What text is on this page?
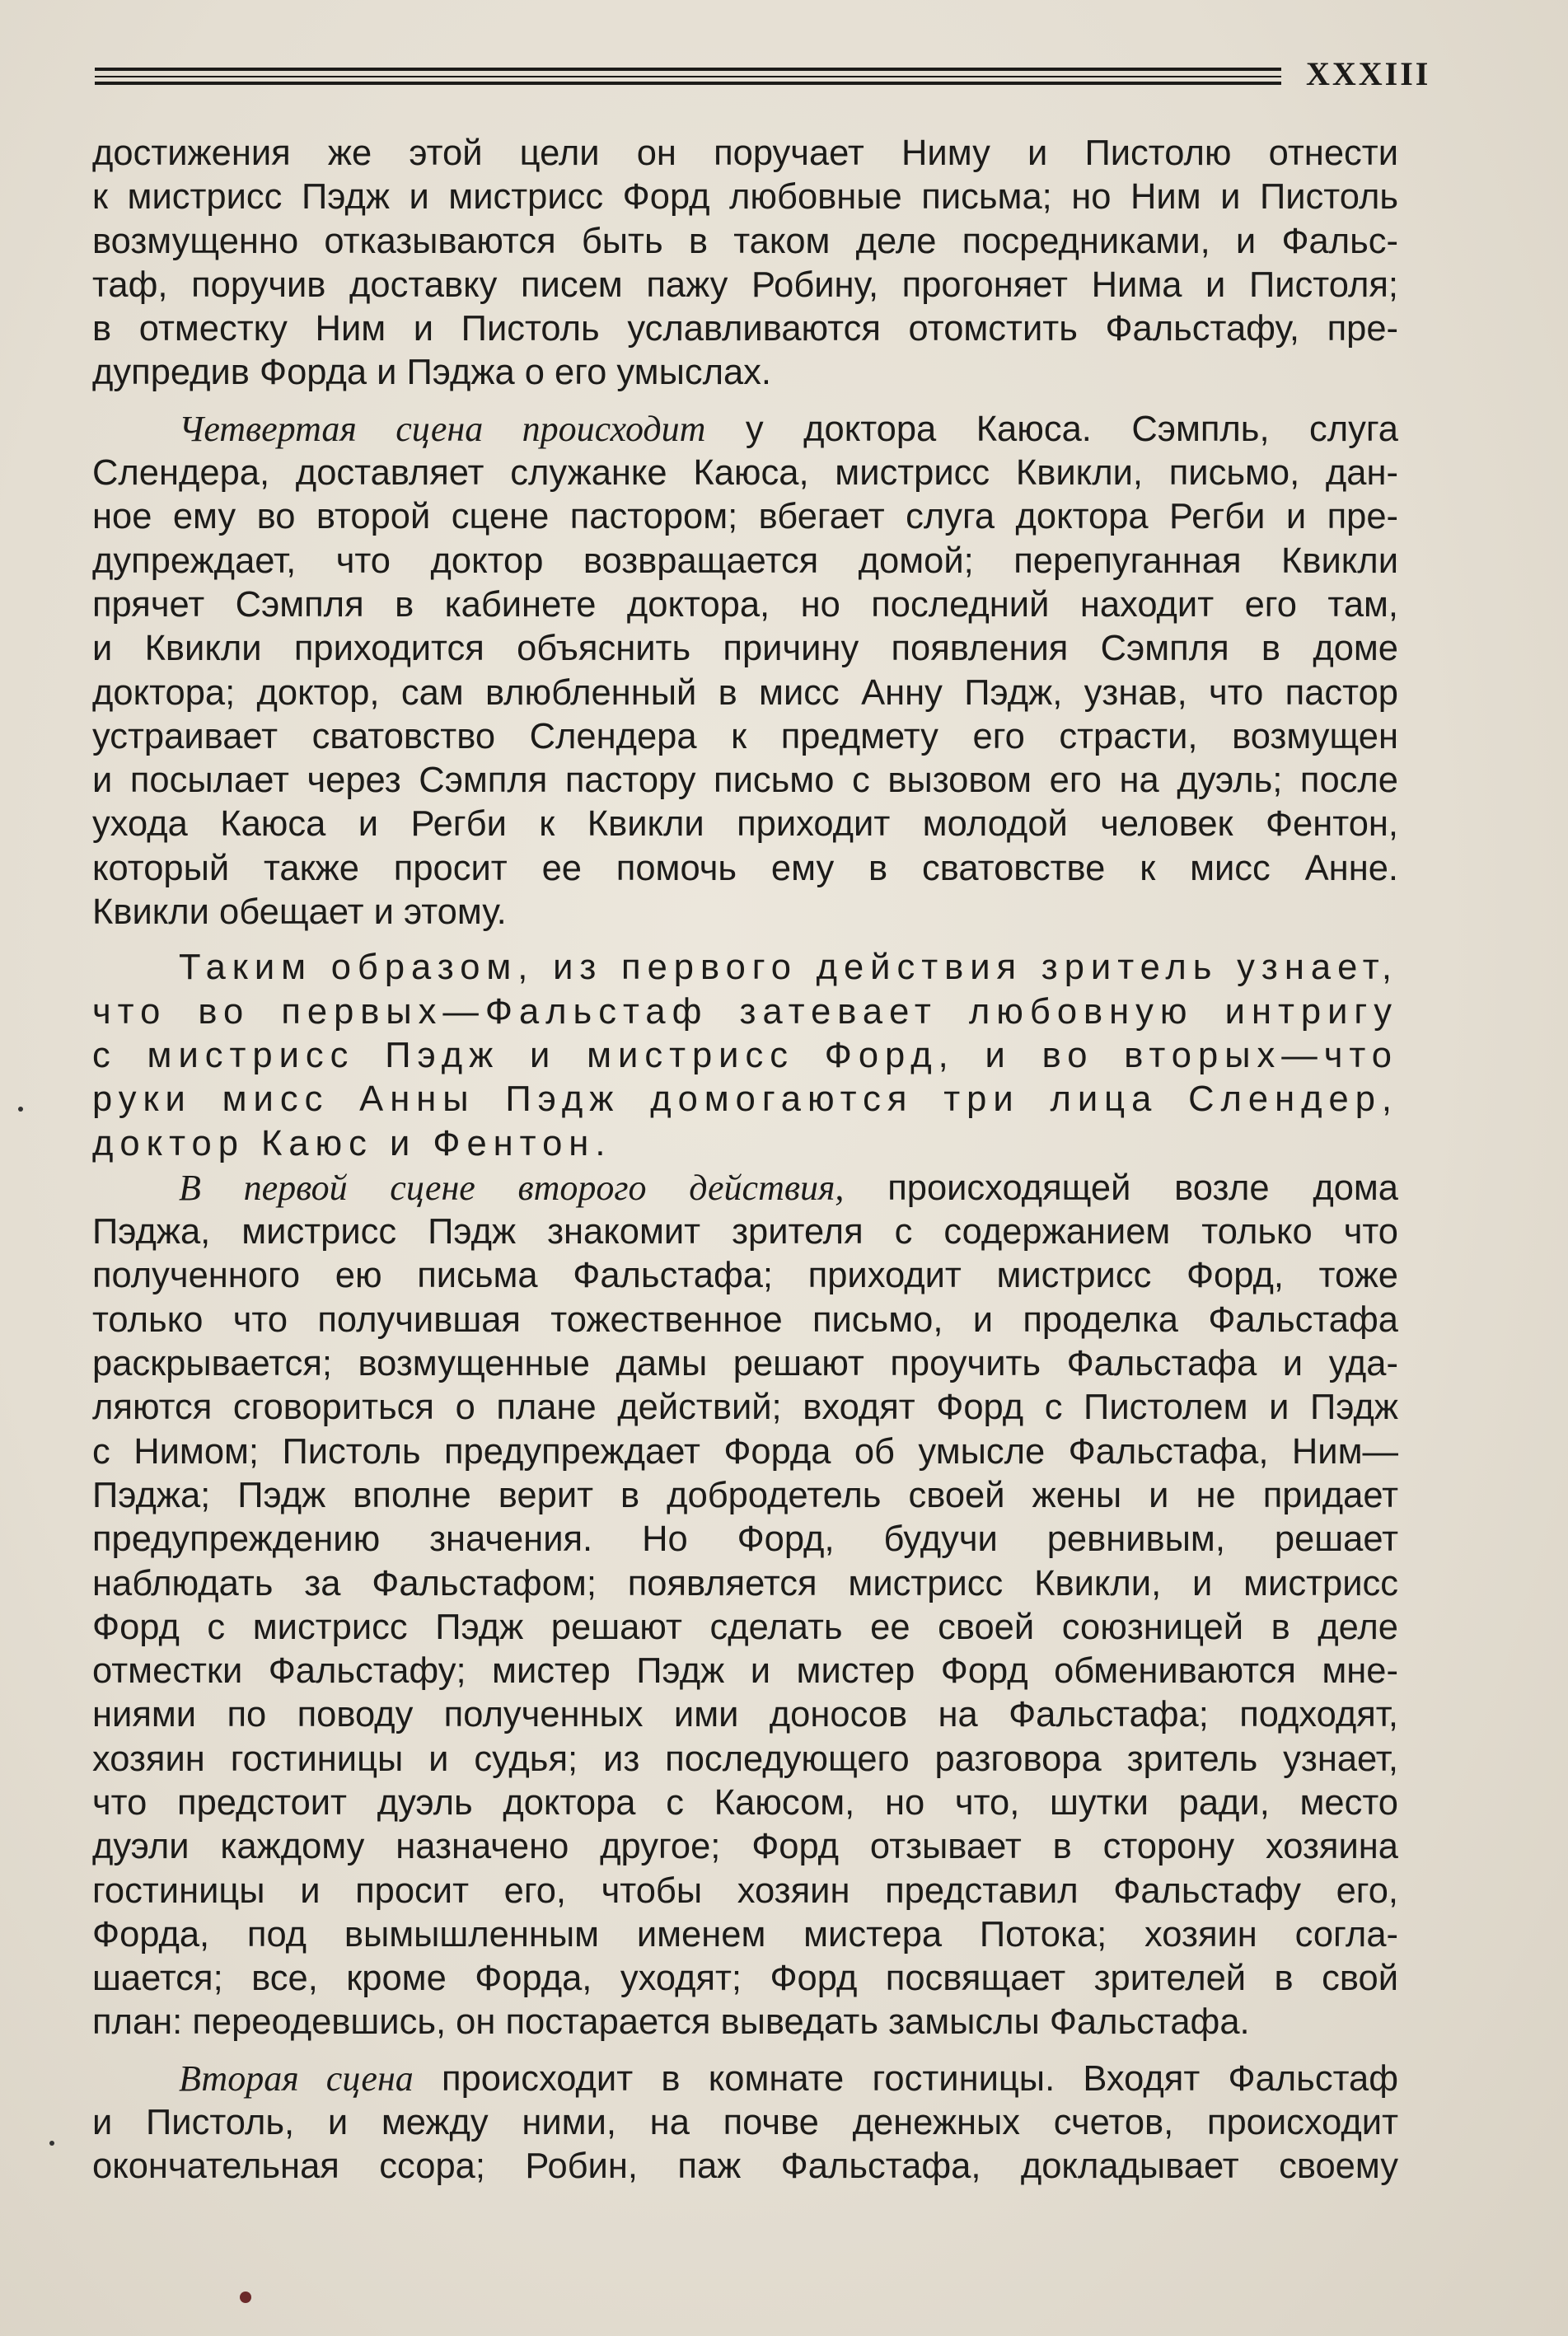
XXXIII
достижения же этой цели он поручает Ниму и Пистолю отнести
к мистрисс Пэдж и мистрисс Форд любовные письма; но Ним и Пистоль
возмущенно отказываются быть в таком деле посредниками, и Фальс-
таф, поручив доставку писем пажу Робину, прогоняет Нима и Пистоля;
в отместку Ним и Пистоль уславливаются отомстить Фальстафу, пре-
дупредив Форда и Пэджа о его умыслах.
Четвертая сцена происходит у доктора Каюса. Сэмпль, слуга
Слендера, доставляет служанке Каюса, мистрисс Квикли, письмо, дан-
ное ему во второй сцене пастором; вбегает слуга доктора Регби и пре-
дупреждает, что доктор возвращается домой; перепуганная Квикли
прячет Сэмпля в кабинете доктора, но последний находит его там,
и Квикли приходится объяснить причину появления Сэмпля в доме
доктора; доктор, сам влюбленный в мисс Анну Пэдж, узнав, что пастор
устраивает сватовство Слендера к предмету его страсти, возмущен
и посылает через Сэмпля пастору письмо с вызовом его на дуэль; после
ухода Каюса и Регби к Квикли приходит молодой человек Фентон,
который также просит ее помочь ему в сватовстве к мисс Анне.
Квикли обещает и этому.
Таким образом, из первого действия зритель узнает,
что во первых—Фальстаф затевает любовную интригу
с мистрисс Пэдж и мистрисс Форд, и во вторых—что
руки мисс Анны Пэдж домогаются три лица Слендер,
доктор Каюс и Фентон.
В первой сцене второго действия, происходящей возле дома
Пэджа, мистрисс Пэдж знакомит зрителя с содержанием только что
полученного ею письма Фальстафа; приходит мистрисс Форд, тоже
только что получившая тожественное письмо, и проделка Фальстафа
раскрывается; возмущенные дамы решают проучить Фальстафа и уда-
ляются сговориться о плане действий; входят Форд с Пистолем и Пэдж
с Нимом; Пистоль предупреждает Форда об умысле Фальстафа, Ним—
Пэджа; Пэдж вполне верит в добродетель своей жены и не придает
предупреждению значения. Но Форд, будучи ревнивым, решает
наблюдать за Фальстафом; появляется мистрисс Квикли, и мистрисс
Форд с мистрисс Пэдж решают сделать ее своей союзницей в деле
отместки Фальстафу; мистер Пэдж и мистер Форд обмениваются мне-
ниями по поводу полученных ими доносов на Фальстафа; подходят,
хозяин гостиницы и судья; из последующего разговора зритель узнает,
что предстоит дуэль доктора с Каюсом, но что, шутки ради, место
дуэли каждому назначено другое; Форд отзывает в сторону хозяина
гостиницы и просит его, чтобы хозяин представил Фальстафу его,
Форда, под вымышленным именем мистера Потока; хозяин согла-
шается; все, кроме Форда, уходят; Форд посвящает зрителей в свой
план: переодевшись, он постарается выведать замыслы Фальстафа.
Вторая сцена происходит в комнате гостиницы. Входят Фальстаф
и Пистоль, и между ними, на почве денежных счетов, происходит
окончательная ссора; Робин, паж Фальстафа, докладывает своему
